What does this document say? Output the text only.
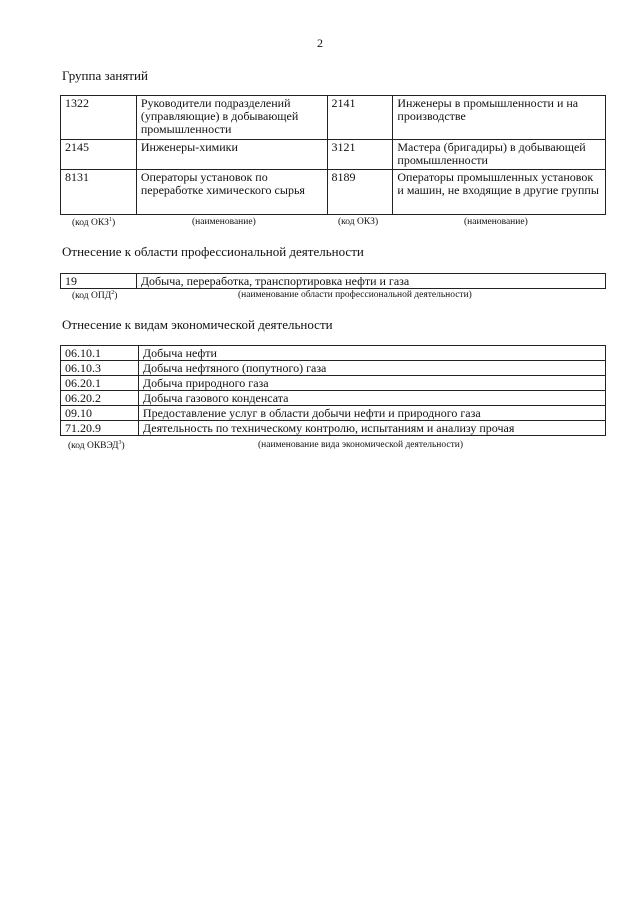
2
Группа занятий
1322	Руководители подразделений (управляющие) в добывающей промышленности	2141	Инженеры в промышленности и на производстве
2145	Инженеры-химики	3121	Мастера (бригадиры) в добывающей промышленности
8131	Операторы установок по переработке химического сырья	8189	Операторы промышленных установок и машин, не входящие в другие группы
(код ОКЗ$^1$)	(наименование)	(код ОКЗ)	(наименование)
Отнесение к области профессиональной деятельности
19	Добыча, переработка, транспортировка нефти и газа
(код ОПД$^2$)	(наименование области профессиональной деятельности)
Отнесение к видам экономической деятельности
06.10.1	Добыча нефти
06.10.3	Добыча нефтяного (попутного) газа
06.20.1	Добыча природного газа
06.20.2	Добыча газового конденсата
09.10	Предоставление услуг в области добычи нефти и природного газа
71.20.9	Деятельность по техническому контролю, испытаниям и анализу прочая
(код ОКВЭД$^3$)	(наименование вида экономической деятельности)
